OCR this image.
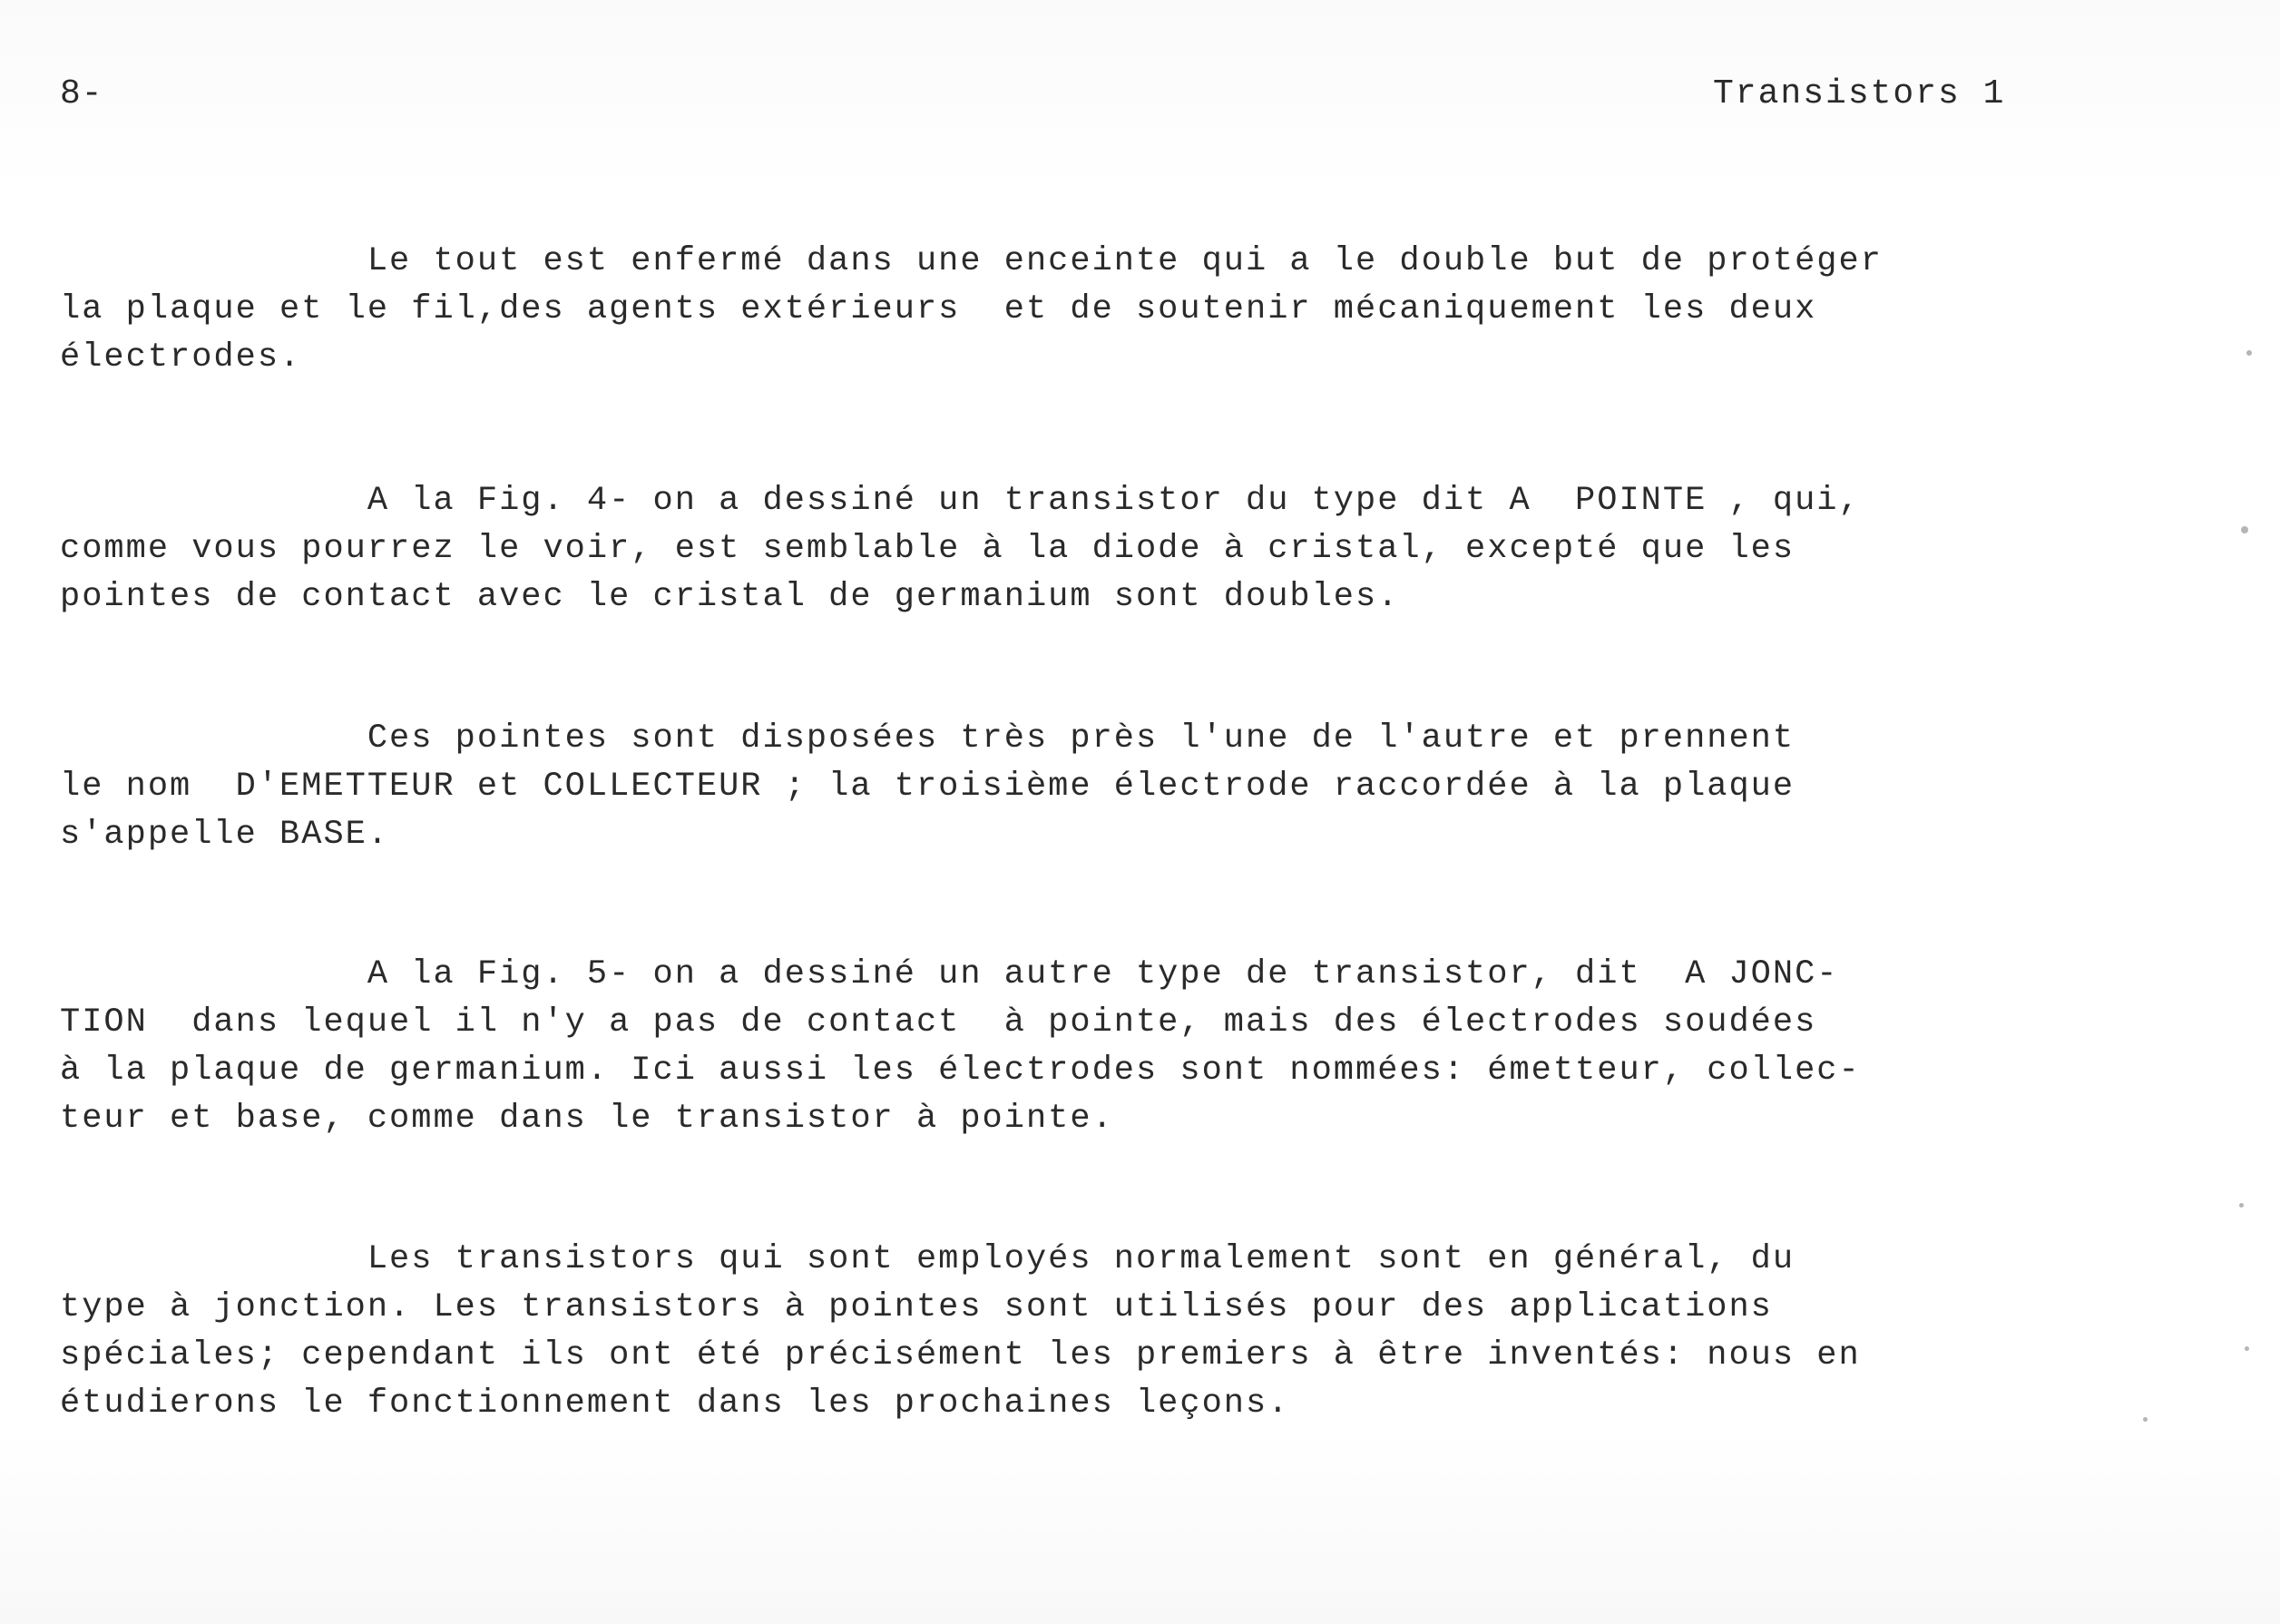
8-	Transistors 1
Le tout est enfermé dans une enceinte qui a le double but de protéger
la plaque et le fil,des agents extérieurs  et de soutenir mécaniquement les deux
électrodes.
A la Fig. 4- on a dessiné un transistor du type dit A  POINTE , qui,
comme vous pourrez le voir, est semblable à la diode à cristal, excepté que les
pointes de contact avec le cristal de germanium sont doubles.
Ces pointes sont disposées très près l'une de l'autre et prennent
le nom  D'EMETTEUR et COLLECTEUR ; la troisième électrode raccordée à la plaque
s'appelle BASE.
A la Fig. 5- on a dessiné un autre type de transistor, dit  A JONC-
TION  dans lequel il n'y a pas de contact  à pointe, mais des électrodes soudées
à la plaque de germanium. Ici aussi les électrodes sont nommées: émetteur, collec-
teur et base, comme dans le transistor à pointe.
Les transistors qui sont employés normalement sont en général, du
type à jonction. Les transistors à pointes sont utilisés pour des applications
spéciales; cependant ils ont été précisément les premiers à être inventés: nous en
étudierons le fonctionnement dans les prochaines leçons.
